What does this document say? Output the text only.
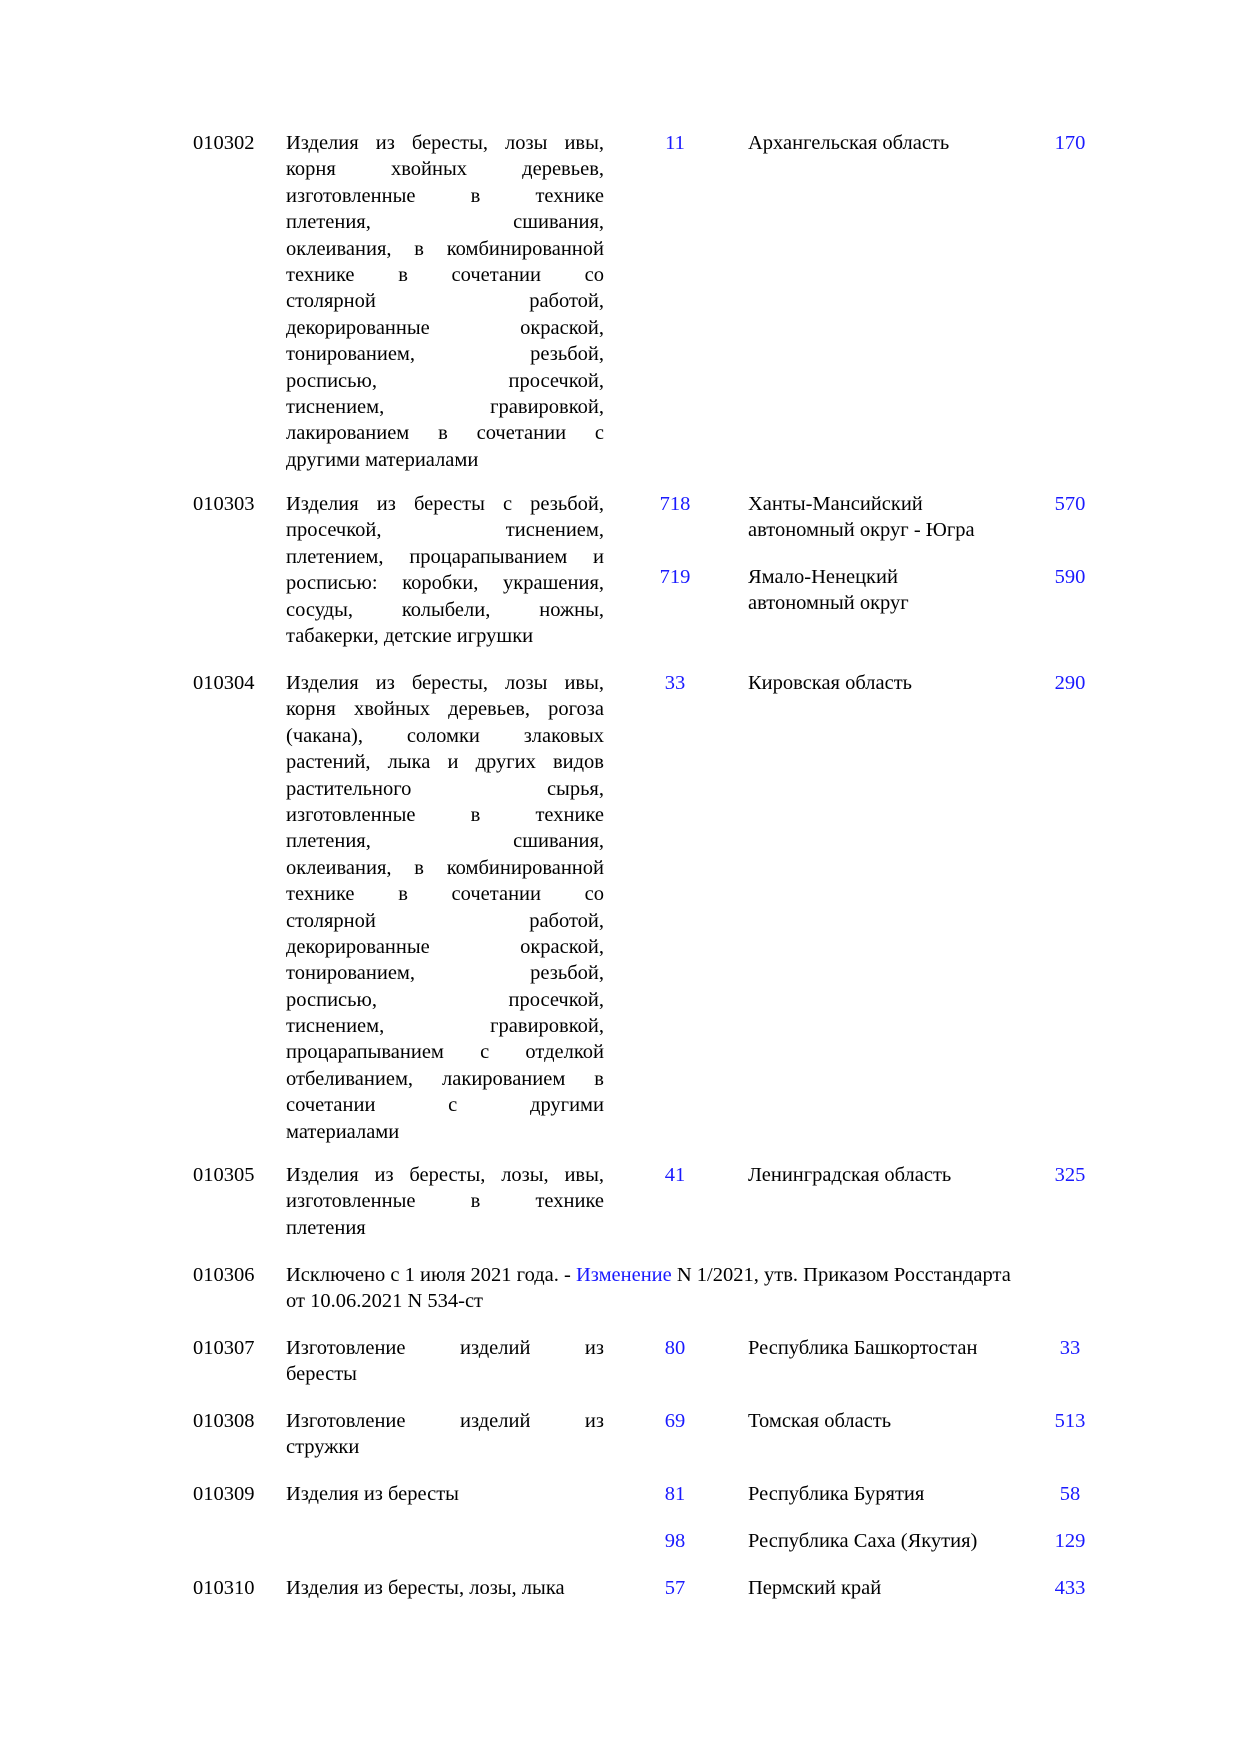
010302 Изделия из бересты, лозы ивы,
корня хвойных деревьев,
изготовленные в технике
плетения, сшивания,
оклеивания, в комбинированной
технике в сочетании со
столярной работой,
декорированные окраской,
тонированием, резьбой,
росписью, просечкой,
тиснением, гравировкой,
лакированием в сочетании с
другими материалами
11	Архангельская область	170
010303 Изделия из бересты с резьбой,
просечкой, тиснением,
плетением, процарапыванием и
росписью: коробки, украшения,
сосуды, колыбели, ножны,
табакерки, детские игрушки
718	Ханты-Мансийский
автономный округ - Югра
570
719	Ямало-Ненецкий
автономный округ
590
010304 Изделия из бересты, лозы ивы,
корня хвойных деревьев, рогоза
(чакана), соломки злаковых
растений, лыка и других видов
растительного сырья,
изготовленные в технике
плетения, сшивания,
оклеивания, в комбинированной
технике в сочетании со
столярной работой,
декорированные окраской,
тонированием, резьбой,
росписью, просечкой,
тиснением, гравировкой,
процарапыванием с отделкой
отбеливанием, лакированием в
сочетании с другими
материалами
33	Кировская область	290
010305 Изделия из бересты, лозы, ивы,
изготовленные в технике
плетения
41	Ленинградская область	325
010306 Исключено с 1 июля 2021 года. - Изменение N 1/2021, утв. Приказом Росстандарта
от 10.06.2021 N 534-ст
010307 Изготовление изделий из
бересты
80	Республика Башкортостан	33
010308 Изготовление изделий из
стружки
69	Томская область	513
010309 Изделия из бересты	81	Республика Бурятия	58
98	Республика Саха (Якутия)	129
010310 Изделия из бересты, лозы, лыка	57	Пермский край	433
